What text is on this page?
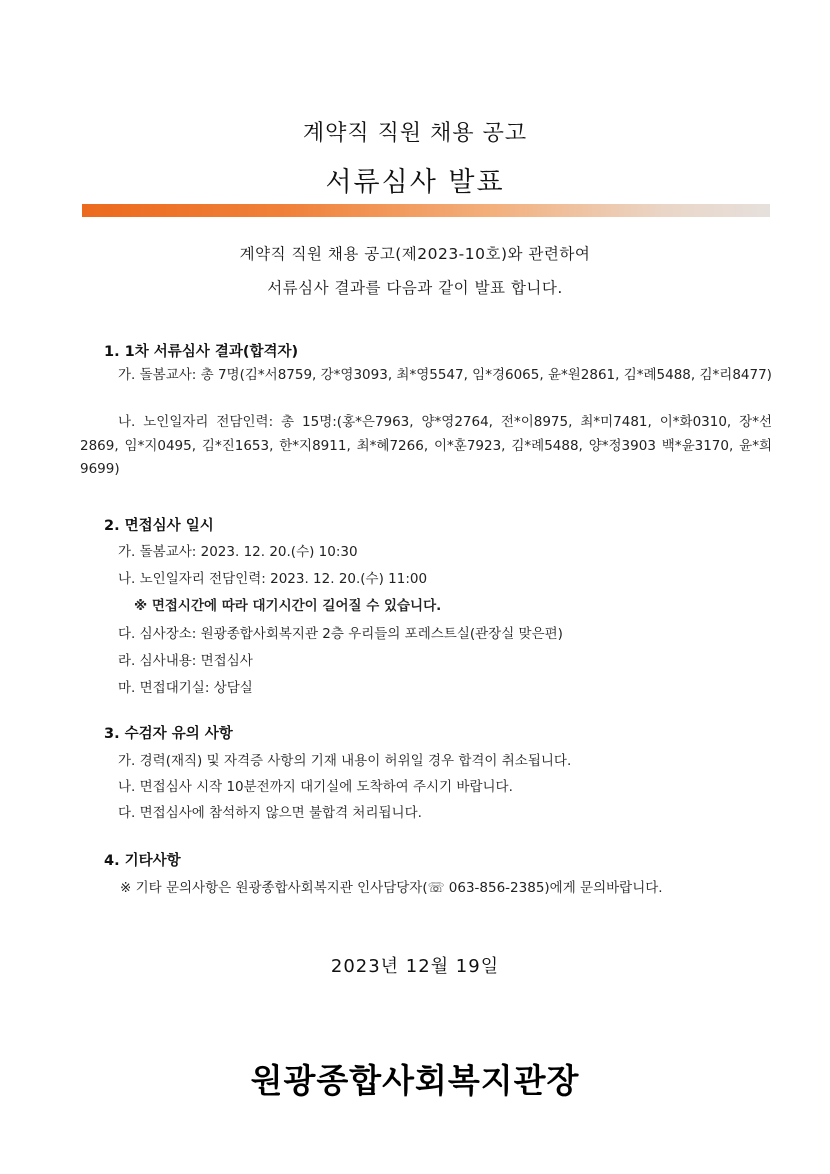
계약직 직원 채용 공고
서류심사 발표
계약직 직원 채용 공고(제2023-10호)와 관련하여
서류심사 결과를 다음과 같이 발표 합니다.
1. 1차 서류심사 결과(합격자)
가. 돌봄교사: 총 7명(김*서8759, 강*영3093, 최*영5547, 임*경6065, 윤*원2861, 김*례5488, 김*리8477)
나. 노인일자리 전담인력: 총 15명:(홍*은7963, 양*영2764, 전*이8975, 최*미7481, 이*화0310, 장*선2869, 임*지0495, 김*진1653, 한*지8911, 최*혜7266, 이*훈7923, 김*례5488, 양*정3903 백*윤3170, 윤*희9699)
2. 면접심사 일시
가. 돌봄교사: 2023. 12. 20.(수) 10:30
나. 노인일자리 전담인력: 2023. 12. 20.(수) 11:00
※ 면접시간에 따라 대기시간이 길어질 수 있습니다.
다. 심사장소: 원광종합사회복지관 2층 우리들의 포레스트실(관장실 맞은편)
라. 심사내용: 면접심사
마. 면접대기실: 상담실
3. 수검자 유의 사항
가. 경력(재직) 및 자격증 사항의 기재 내용이 허위일 경우 합격이 취소됩니다.
나. 면접심사 시작 10분전까지 대기실에 도착하여 주시기 바랍니다.
다. 면접심사에 참석하지 않으면 불합격 처리됩니다.
4. 기타사항
※ 기타 문의사항은 원광종합사회복지관 인사담당자(☏ 063-856-2385)에게 문의바랍니다.
2023년 12월 19일
원광종합사회복지관장
